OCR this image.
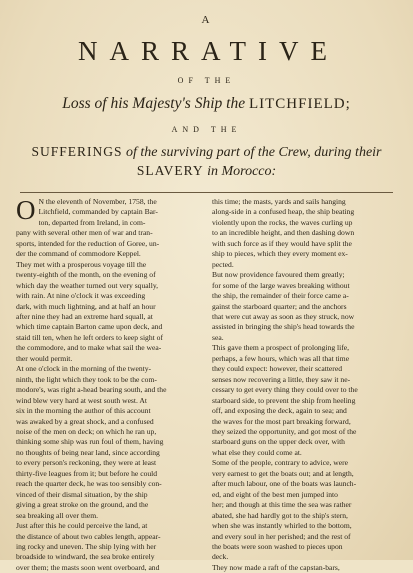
A
NARRATIVE
OF THE
Loss of his Majesty's Ship the LITCHFIELD;
AND THE
SUFFERINGS of the surviving part of the Crew, during their
SLAVERY in Morocco:
O N the eleventh of November, 1758, the
Litchfield, commanded by captain Bar-
ton, departed from Ireland, in com-
pany with several other men of war and tran-
sports, intended for the reduction of Goree, un-
der the command of commodore Keppel.
They met with a prosperous voyage till the
twenty-eighth of the month, on the evening of
which day the weather turned out very squally,
with rain. At nine o'clock it was exceeding
dark, with much lightning, and at half an hour
after nine they had an extreme hard squall, at
which time captain Barton came upon deck, and
staid till ten, when he left orders to keep sight of
the commodore, and to make what sail the wea-
ther would permit.
At one o'clock in the morning of the twenty-
ninth, the light which they took to be the com-
modore's, was right a-head bearing south, and the
wind blew very hard at west south west. At
six in the morning the author of this account
was awaked by a great shock, and a confused
noise of the men on deck; on which he ran up,
thinking some ship was run foul of them, having
no thoughts of being near land, since according
to every person's reckoning, they were at least
thirty-five leagues from it; but before he could
reach the quarter deck, he was too sensibly con-
vinced of their dismal situation, by the ship
giving a great stroke on the ground, and the
sea breaking all over them.
Just after this he could perceive the land, at
the distance of about two cables length, appear-
ing rocky and uneven. The ship lying with her
broadside to windward, the sea broke entirely
over them; the masts soon went overboard, and
this time; the masts, yards and sails hanging
along-side in a confused heap, the ship beating
violently upon the rocks, the waves curling up
to an incredible height, and then dashing down
with such force as if they would have split the
ship to pieces, which they every moment ex-
pected.
But now providence favoured them greatly;
for some of the large waves breaking without
the ship, the remainder of their force came a-
gainst the starboard quarter; and the anchors
that were cut away as soon as they struck, now
assisted in bringing the ship's head towards the
sea.
This gave them a prospect of prolonging life,
perhaps, a few hours, which was all that time
they could expect: however, their scattered
senses now recovering a little, they saw it ne-
cessary to get every thing they could over to the
starboard side, to prevent the ship from heeling
off, and exposing the deck, again to sea; and
the waves for the most part breaking forward,
they seized the opportunity, and got most of the
starboard guns on the upper deck over, with
what else they could come at.
Some of the people, contrary to advice, were
very earnest to get the boats out; and at length,
after much labour, one of the boats was launch-
ed, and eight of the best men jumped into
her; and though at this time the sea was rather
abated, she had hardly got to the ship's stern,
when she was instantly whirled to the bottom,
and every soul in her perished; and the rest of
the boats were soon washed to pieces upon
deck.
They now made a raft of the capstan-bars,
